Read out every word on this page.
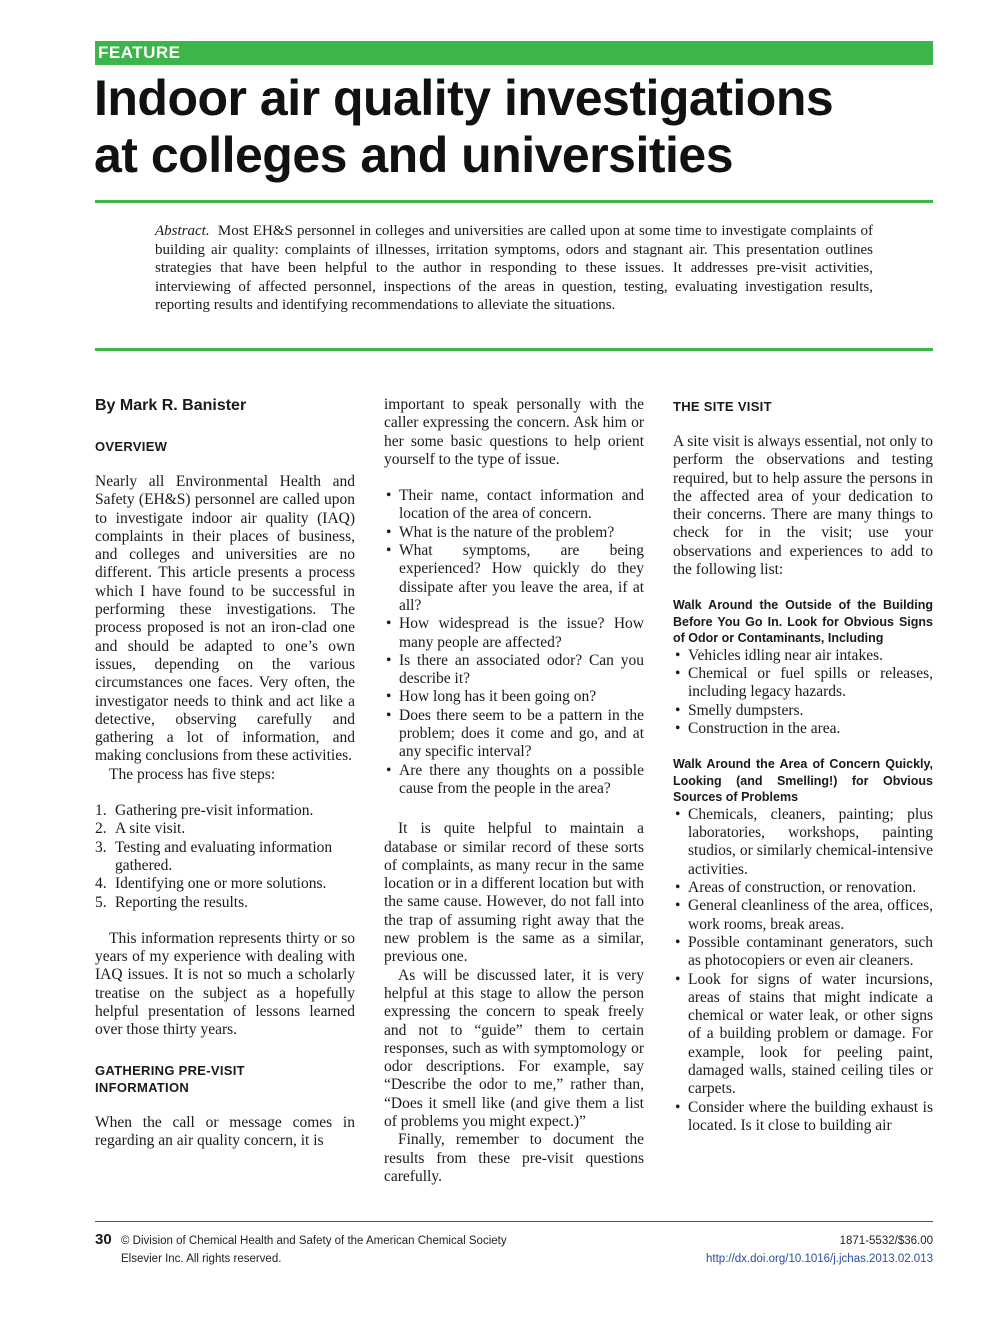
FEATURE
Indoor air quality investigations
at colleges and universities

Abstract. Most EH&S personnel in colleges and universities are called upon at some time to investigate complaints of building air quality: complaints of illnesses, irritation symptoms, odors and stagnant air. This presentation outlines strategies that have been helpful to the author in responding to these issues. It addresses pre-visit activities, interviewing of affected personnel, inspections of the areas in question, testing, evaluating investigation results, reporting results and identifying recommendations to alleviate the situations.

By Mark R. Banister

OVERVIEW

Nearly all Environmental Health and Safety (EH&S) personnel are called upon to investigate indoor air quality (IAQ) complaints in their places of business, and colleges and universities are no different. This article presents a process which I have found to be successful in performing these investigations. The process proposed is not an iron-clad one and should be adapted to one’s own issues, depending on the various circumstances one faces. Very often, the investigator needs to think and act like a detective, observing carefully and gathering a lot of information, and making conclusions from these activities.

The process has five steps:

1. Gathering pre-visit information.
2. A site visit.
3. Testing and evaluating information gathered.
4. Identifying one or more solutions.
5. Reporting the results.

This information represents thirty or so years of my experience with dealing with IAQ issues. It is not so much a scholarly treatise on the subject as a hopefully helpful presentation of lessons learned over those thirty years.

GATHERING PRE-VISIT
INFORMATION

When the call or message comes in regarding an air quality concern, it is

important to speak personally with the caller expressing the concern. Ask him or her some basic questions to help orient yourself to the type of issue.

• Their name, contact information and location of the area of concern.
• What is the nature of the problem?
• What symptoms, are being experienced? How quickly do they dissipate after you leave the area, if at all?
• How widespread is the issue? How many people are affected?
• Is there an associated odor? Can you describe it?
• How long has it been going on?
• Does there seem to be a pattern in the problem; does it come and go, and at any specific interval?
• Are there any thoughts on a possible cause from the people in the area?

It is quite helpful to maintain a database or similar record of these sorts of complaints, as many recur in the same location or in a different location but with the same cause. However, do not fall into the trap of assuming right away that the new problem is the same as a similar, previous one.

As will be discussed later, it is very helpful at this stage to allow the person expressing the concern to speak freely and not to “guide” them to certain responses, such as with symptomology or odor descriptions. For example, say “Describe the odor to me,” rather than, “Does it smell like (and give them a list of problems you might expect.)”

Finally, remember to document the results from these pre-visit questions carefully.

THE SITE VISIT

A site visit is always essential, not only to perform the observations and testing required, but to help assure the persons in the affected area of your dedication to their concerns. There are many things to check for in the visit; use your observations and experiences to add to the following list:

Walk Around the Outside of the Building Before You Go In. Look for Obvious Signs of Odor or Contaminants, Including

• Vehicles idling near air intakes.
• Chemical or fuel spills or releases, including legacy hazards.
• Smelly dumpsters.
• Construction in the area.

Walk Around the Area of Concern Quickly, Looking (and Smelling!) for Obvious Sources of Problems

• Chemicals, cleaners, painting; plus laboratories, workshops, painting studios, or similarly chemical-intensive activities.
• Areas of construction, or renovation.
• General cleanliness of the area, offices, work rooms, break areas.
• Possible contaminant generators, such as photocopiers or even air cleaners.
• Look for signs of water incursions, areas of stains that might indicate a chemical or water leak, or other signs of a building problem or damage. For example, look for peeling paint, damaged walls, stained ceiling tiles or carpets.
• Consider where the building exhaust is located. Is it close to building air
30 © Division of Chemical Health and Safety of the American Chemical Society
Elsevier Inc. All rights reserved.
1871-5532/$36.00
http://dx.doi.org/10.1016/j.jchas.2013.02.013
